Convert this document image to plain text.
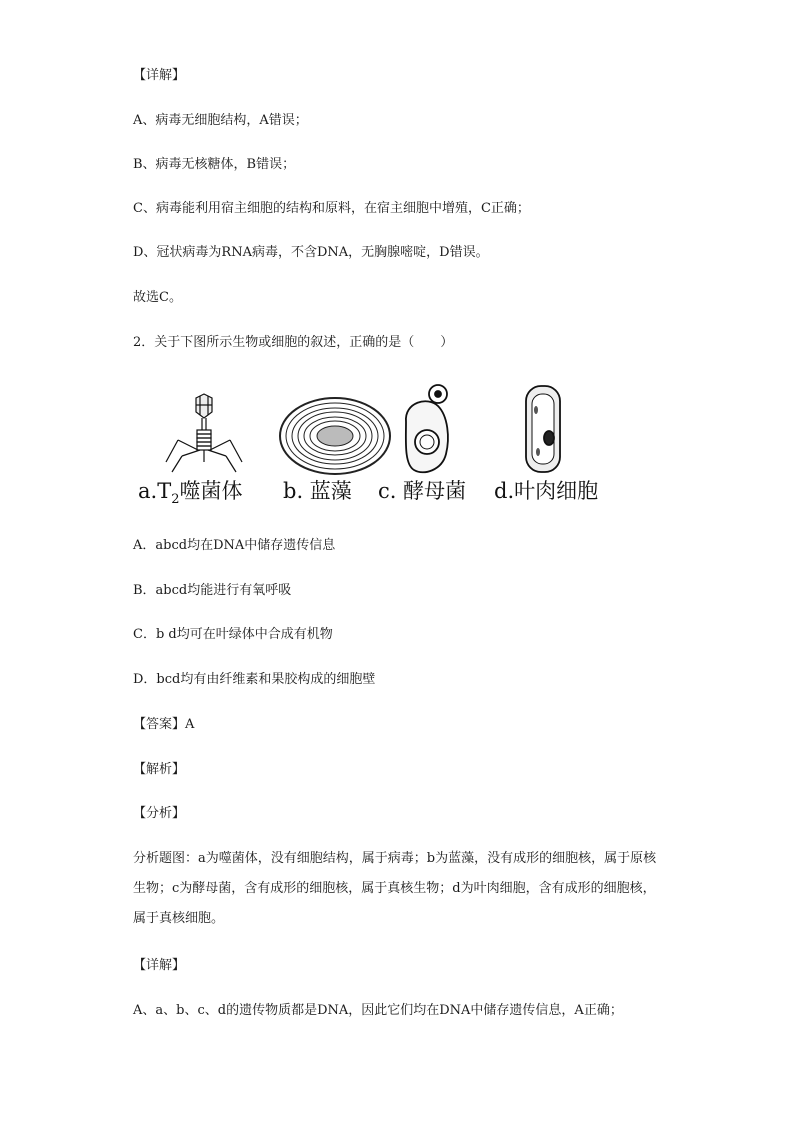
【详解】

A、病毒无细胞结构，A错误；

B、病毒无核糖体，B错误；

C、病毒能利用宿主细胞的结构和原料，在宿主细胞中增殖，C正确；

D、冠状病毒为RNA病毒，不含DNA，无胸腺嘧啶，D错误。

故选C。

2．关于下图所示生物或细胞的叙述，正确的是（　　）

$a.T_2$噬菌体 b. 蓝藻 c. 酵母菌 d.叶肉细胞

A．abcd均在DNA中储存遗传信息

B．abcd均能进行有氧呼吸

C．b d均可在叶绿体中合成有机物

D．bcd均有由纤维素和果胶构成的细胞壁

【答案】A

【解析】

【分析】

分析题图：a为噬菌体，没有细胞结构，属于病毒；b为蓝藻，没有成形的细胞核，属于原核生物；c为酵母菌，含有成形的细胞核，属于真核生物；d为叶肉细胞，含有成形的细胞核，属于真核细胞。

【详解】

A、a、b、c、d的遗传物质都是DNA，因此它们均在DNA中储存遗传信息，A正确；
